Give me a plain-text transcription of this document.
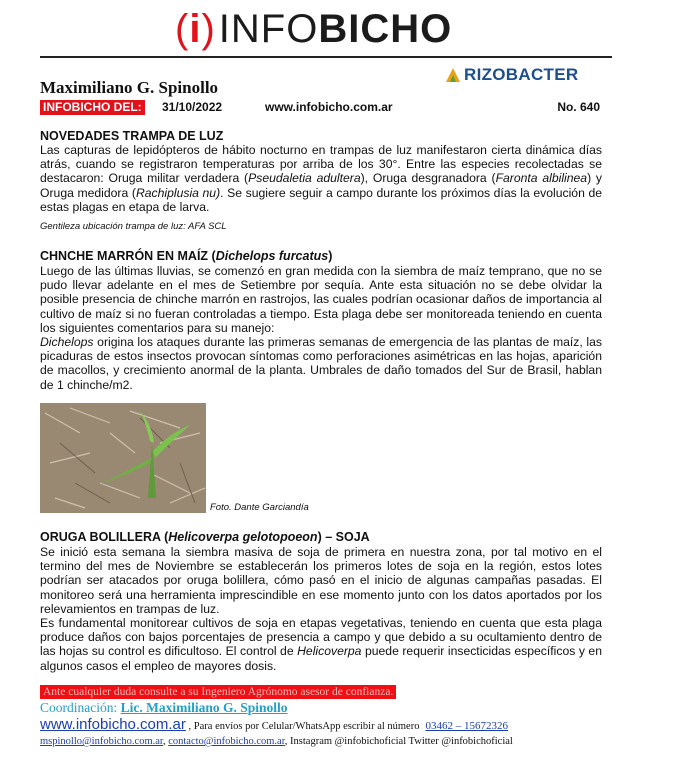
( i ) INFO BICHO
Maximiliano G. Spinollo
RIZOBACTER
INFOBICHO DEL: 31/10/2022	www.infobicho.com.ar	No. 640
NOVEDADES TRAMPA DE LUZ
Las capturas de lepidópteros de hábito nocturno en trampas de luz manifestaron cierta dinámica días atrás, cuando se registraron temperaturas por arriba de los 30°. Entre las especies recolectadas se destacaron: Oruga militar verdadera (Pseudaletia adultera), Oruga desgranadora (Faronta albilinea) y Oruga medidora (Rachiplusia nu). Se sugiere seguir a campo durante los próximos días la evolución de estas plagas en etapa de larva.
Gentileza ubicación trampa de luz: AFA SCL
CHNCHE MARRÓN EN MAÍZ (Dichelops furcatus)
Luego de las últimas lluvias, se comenzó en gran medida con la siembra de maíz temprano, que no se pudo llevar adelante en el mes de Setiembre por sequía. Ante esta situación no se debe olvidar la posible presencia de chinche marrón en rastrojos, las cuales podrían ocasionar daños de importancia al cultivo de maíz si no fueran controladas a tiempo. Esta plaga debe ser monitoreada teniendo en cuenta los siguientes comentarios para su manejo:
Dichelops origina los ataques durante las primeras semanas de emergencia de las plantas de maíz, las picaduras de estos insectos provocan síntomas como perforaciones asimétricas en las hojas, aparición de macollos, y crecimiento anormal de la planta. Umbrales de daño tomados del Sur de Brasil, hablan de 1 chinche/m2.
Foto. Dante Garciandía
ORUGA BOLILLERA (Helicoverpa gelotopoeon) – SOJA
Se inició esta semana la siembra masiva de soja de primera en nuestra zona, por tal motivo en el termino del mes de Noviembre se establecerán los primeros lotes de soja en la región, estos lotes podrían ser atacados por oruga bolillera, cómo pasó en el inicio de algunas campañas pasadas. El monitoreo será una herramienta imprescindible en ese momento junto con los datos aportados por los relevamientos en trampas de luz.
Es fundamental monitorear cultivos de soja en etapas vegetativas, teniendo en cuenta que esta plaga produce daños con bajos porcentajes de presencia a campo y que debido a su ocultamiento dentro de las hojas su control es dificultoso. El control de Helicoverpa puede requerir insecticidas específicos y en algunos casos el empleo de mayores dosis.
Ante cualquier duda consulte a su Ingeniero Agrónomo asesor de confianza.
Coordinación: Lic. Maximiliano G. Spinollo
www.infobicho.com.ar , Para envíos por Celular/WhatsApp escribir al número 03462 – 15672326
mspinollo@infobicho.com.ar, contacto@infobicho.com.ar, Instagram @infobichoficial Twitter @infobichoficial
